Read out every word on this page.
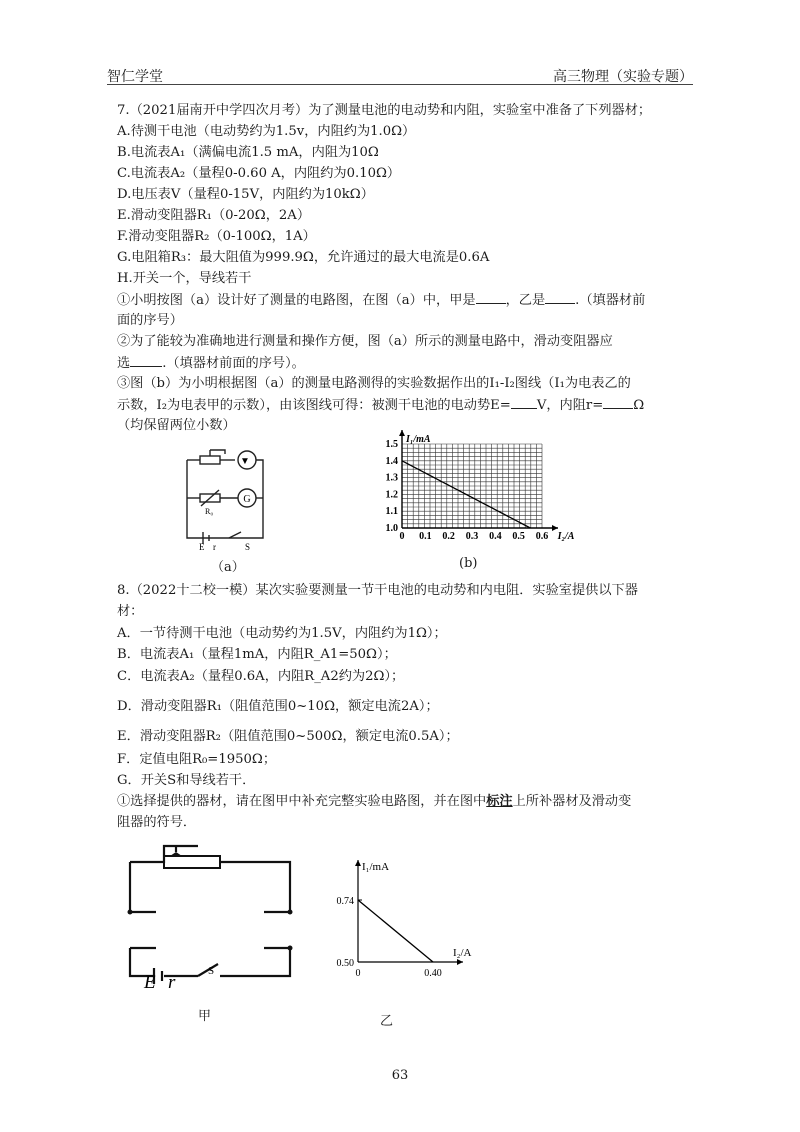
智仁学堂	高三物理（实验专题）
7.（2021届南开中学四次月考）为了测量电池的电动势和内阻，实验室中准备了下列器材；
A.待测干电池（电动势约为1.5v，内阻约为1.0Ω）
B.电流表A₁（满偏电流1.5 mA，内阻为10Ω
C.电流表A₂（量程0-0.60 A，内阻约为0.10Ω）
D.电压表V（量程0-15V，内阻约为10kΩ）
E.滑动变阻器R₁（0-20Ω，2A）
F.滑动变阻器R₂（0-100Ω，1A）
G.电阻箱R₃：最大阻值为999.9Ω，允许通过的最大电流是0.6A
H.开关一个，导线若干
①小明按图（a）设计好了测量的电路图，在图（a）中，甲是 ，乙是 .（填器材前
面的序号）
②为了能较为准确地进行测量和操作方便，图（a）所示的测量电路中，滑动变阻器应
选 .（填器材前面的序号）。
③图（b）为小明根据图（a）的测量电路测得的实验数据作出的I₁-I₂图线（I₁为电表乙的
示数，I₂为电表甲的示数），由该图线可得：被测干电池的电动势E= V，内阻r= Ω
（均保留两位小数）
▼
G
R₀
E r	S
（a）
0 0.1 0.2 0.3 0.4 0.5 0.6
1.0
1.1
1.2
1.3
1.4
1.5
I₂/A
I₁/mA
(b)
8.（2022十二校一模）某次实验要测量一节干电池的电动势和内电阻．实验室提供以下器
材：
A．一节待测干电池（电动势约为1.5V，内阻约为1Ω）；
B．电流表A₁（量程1mA，内阻R_A1=50Ω）；
C．电流表A₂（量程0.6A，内阻R_A2约为2Ω）；
D．滑动变阻器R₁（阻值范围0~10Ω，额定电流2A）；
E．滑动变阻器R₂（阻值范围0~500Ω，额定电流0.5A）；
F．定值电阻R₀=1950Ω；
G．开关S和导线若干．
①选择提供的器材，请在图甲中补充完整实验电路图，并在图中标注上所补器材及滑动变
阻器的符号．
E r
S
甲
0	0.40
0.50
0.74
I₂/A
I₁/mA
乙
63
